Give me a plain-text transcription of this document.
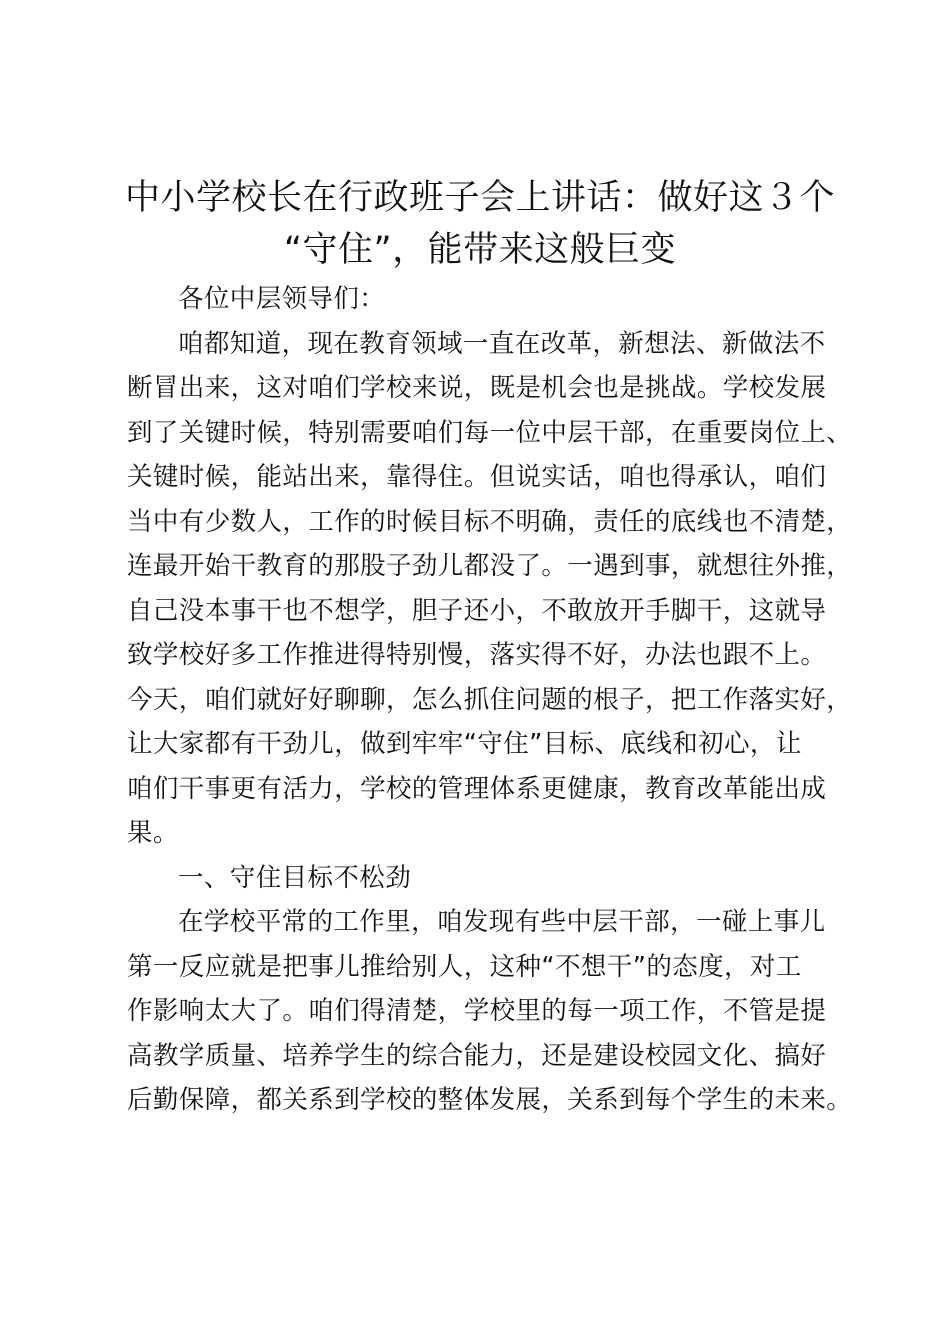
中小学校长在行政班子会上讲话：做好这３个
“守住”，能带来这般巨变

各位中层领导们：

咱都知道，现在教育领域一直在改革，新想法、新做法不
断冒出来，这对咱们学校来说，既是机会也是挑战。学校发展
到了关键时候，特别需要咱们每一位中层干部，在重要岗位上、
关键时候，能站出来，靠得住。但说实话，咱也得承认，咱们
当中有少数人，工作的时候目标不明确，责任的底线也不清楚，
连最开始干教育的那股子劲儿都没了。一遇到事，就想往外推，
自己没本事干也不想学，胆子还小，不敢放开手脚干，这就导
致学校好多工作推进得特别慢，落实得不好，办法也跟不上。
今天，咱们就好好聊聊，怎么抓住问题的根子，把工作落实好，
让大家都有干劲儿，做到牢牢“守住”目标、底线和初心，让
咱们干事更有活力，学校的管理体系更健康，教育改革能出成
果。

一、守住目标不松劲

在学校平常的工作里，咱发现有些中层干部，一碰上事儿
第一反应就是把事儿推给别人，这种“不想干”的态度，对工
作影响太大了。咱们得清楚，学校里的每一项工作，不管是提
高教学质量、培养学生的综合能力，还是建设校园文化、搞好
后勤保障，都关系到学校的整体发展，关系到每个学生的未来。
